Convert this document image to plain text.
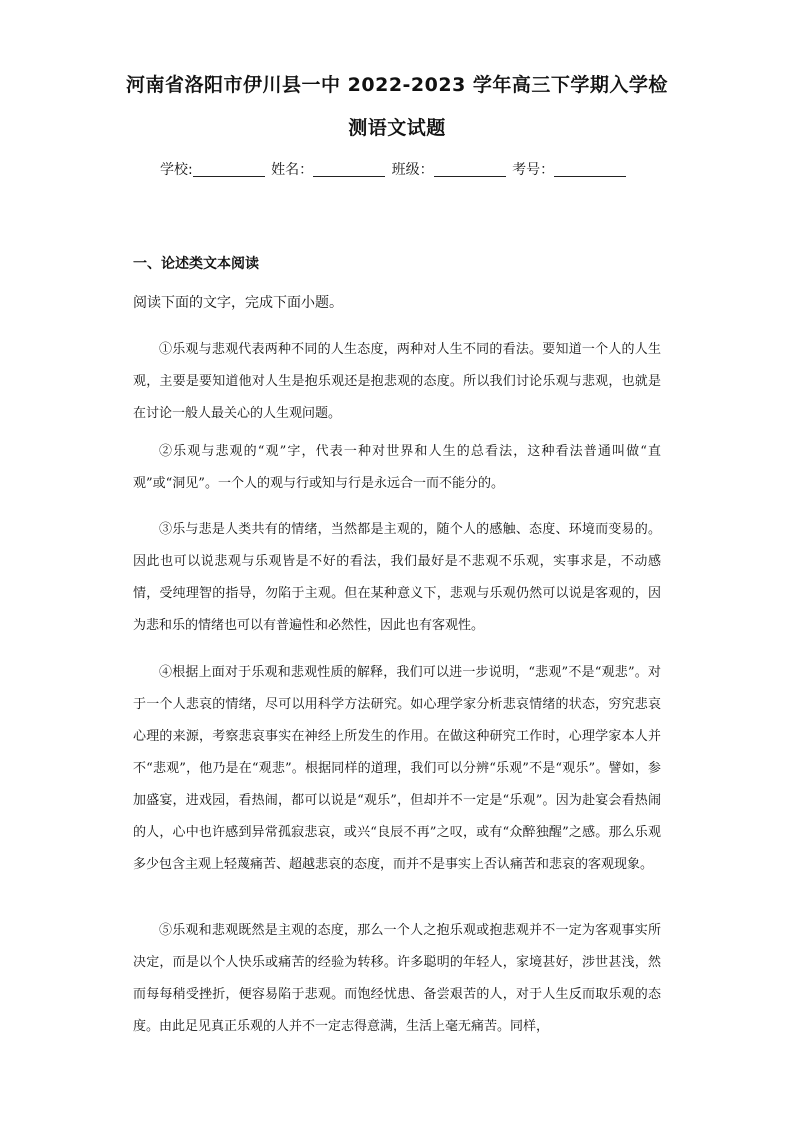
河南省洛阳市伊川县一中 2022-2023 学年高三下学期入学检
测语文试题
学校:	姓名：	班级：	考号：
一、论述类文本阅读
阅读下面的文字，完成下面小题。
①乐观与悲观代表两种不同的人生态度，两种对人生不同的看法。要知道一个人的人生观，主要是要知道他对人生是抱乐观还是抱悲观的态度。所以我们讨论乐观与悲观，也就是在讨论一般人最关心的人生观问题。
②乐观与悲观的“观”字，代表一种对世界和人生的总看法，这种看法普通叫做“直观”或“洞见”。一个人的观与行或知与行是永远合一而不能分的。
③乐与悲是人类共有的情绪，当然都是主观的，随个人的感触、态度、环境而变易的。因此也可以说悲观与乐观皆是不好的看法，我们最好是不悲观不乐观，实事求是，不动感情，受纯理智的指导，勿陷于主观。但在某种意义下，悲观与乐观仍然可以说是客观的，因为悲和乐的情绪也可以有普遍性和必然性，因此也有客观性。
④根据上面对于乐观和悲观性质的解释，我们可以进一步说明，“悲观”不是“观悲”。对于一个人悲哀的情绪，尽可以用科学方法研究。如心理学家分析悲哀情绪的状态，穷究悲哀心理的来源，考察悲哀事实在神经上所发生的作用。在做这种研究工作时，心理学家本人并不“悲观”，他乃是在“观悲”。根据同样的道理，我们可以分辨“乐观”不是“观乐”。譬如，参加盛宴，进戏园，看热闹，都可以说是“观乐”，但却并不一定是“乐观”。因为赴宴会看热闹的人，心中也许感到异常孤寂悲哀，或兴“良辰不再”之叹，或有“众醉独醒”之感。那么乐观多少包含主观上轻蔑痛苦、超越悲哀的态度，而并不是事实上否认痛苦和悲哀的客观现象。
⑤乐观和悲观既然是主观的态度，那么一个人之抱乐观或抱悲观并不一定为客观事实所决定，而是以个人快乐或痛苦的经验为转移。许多聪明的年轻人，家境甚好，涉世甚浅，然而每每稍受挫折，便容易陷于悲观。而饱经忧患、备尝艰苦的人，对于人生反而取乐观的态度。由此足见真正乐观的人并不一定志得意满，生活上毫无痛苦。同样，
